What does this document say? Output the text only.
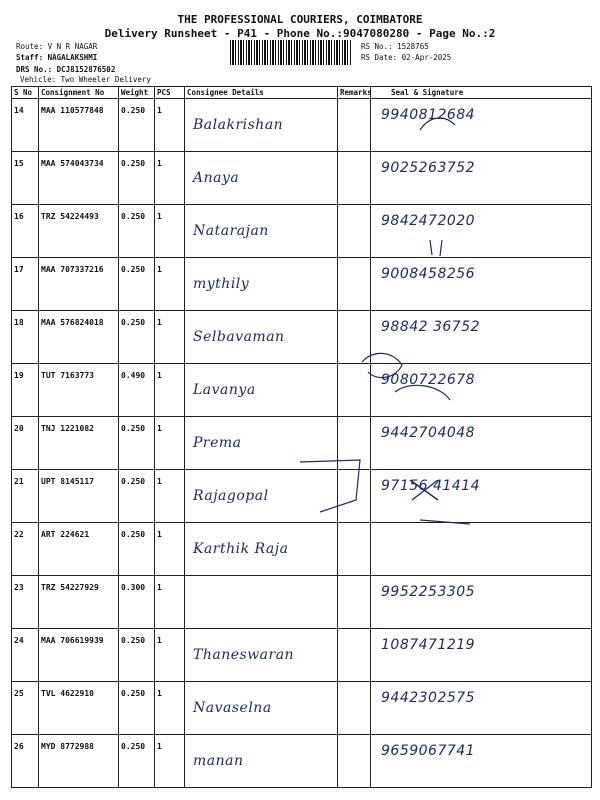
THE PROFESSIONAL COURIERS, COIMBATORE
Delivery Runsheet - P41 - Phone No.:9047080280 - Page No.:2
Route: V N R NAGAR
Staff: NAGALAKSHMI
DRS No.: DCJ8152876502
Vehicle: Two Wheeler Delivery
RS No.: 1528765
RS Date: 02-Apr-2025
S No	Consignment No	Weight	PCS	Consignee Details	Remarks	Seal & Signature
14	MAA 110577848	0.250	1	Balakrishan		9940812684
15	MAA 574043734	0.250	1	Anaya		9025263752
16	TRZ 54224493	0.250	1	Natarajan		9842472020
17	MAA 707337216	0.250	1	mythily		9008458256
18	MAA 576824018	0.250	1	Selbavaman		98842 36752
19	TUT 7163773	0.490	1	Lavanya		9080722678
20	TNJ 1221082	0.250	1	Prema		9442704048
21	UPT 8145117	0.250	1	Rajagopal		97156 41414
22	ART 224621	0.250	1	Karthik Raja		
23	TRZ 54227929	0.300	1			9952253305
24	MAA 706619939	0.250	1	Thaneswaran		1087471219
25	TVL 4622910	0.250	1	Navaselna		9442302575
26	MYD 8772988	0.250	1	manan		9659067741
